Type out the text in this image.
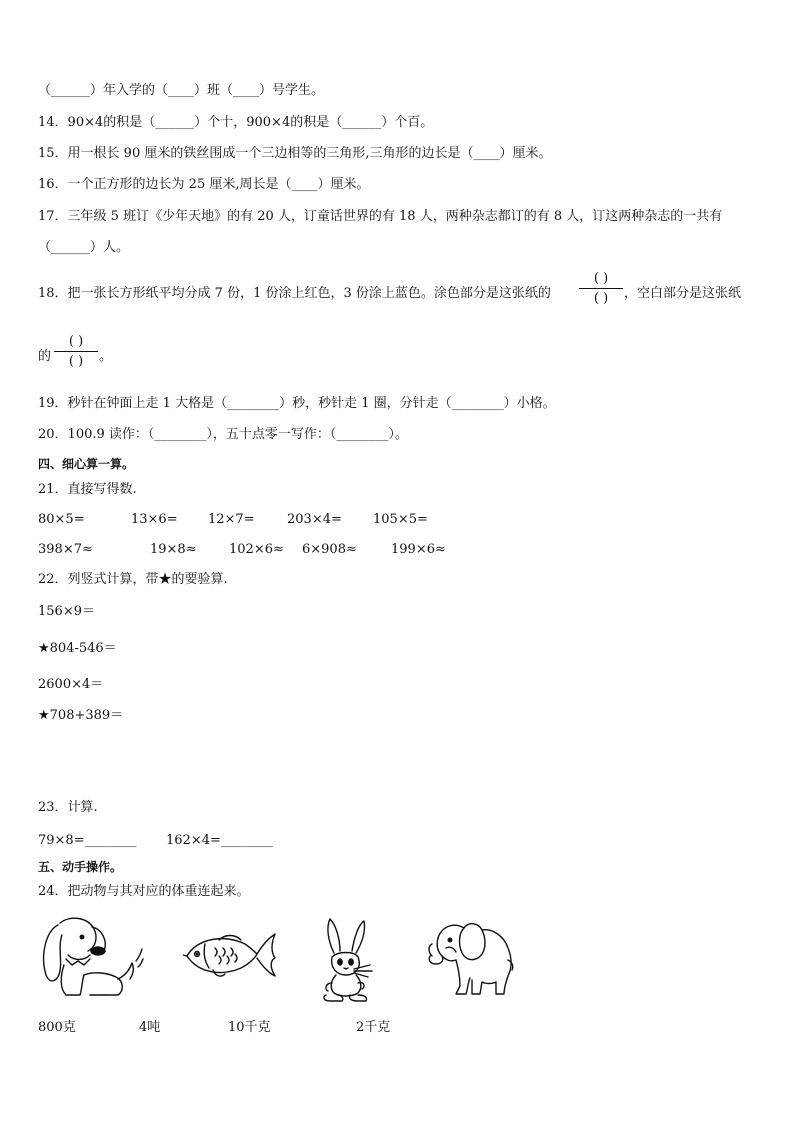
（______）年入学的（____）班（____）号学生。
14．90×4的积是（______）个十，900×4的积是（______）个百。
15．用一根长 90 厘米的铁丝围成一个三边相等的三角形,三角形的边长是（____）厘米。
16．一个正方形的边长为 25 厘米,周长是（____）厘米。
17．三年级 5 班订《少年天地》的有 20 人，订童话世界的有 18 人，两种杂志都订的有 8 人，订这两种杂志的一共有
（______）人。
18．把一张长方形纸平均分成 7 份，1 份涂上红色，3 份涂上蓝色。涂色部分是这张纸的
( )
( )	，空白部分是这张纸
的
( )
( )	。
19．秒针在钟面上走 1 大格是（________）秒，秒针走 1 圈，分针走（________）小格。
20．100.9 读作：（________），五十点零一写作：（________）。
四、细心算一算。
21．直接写得数.
80×5=	13×6= 12×7= 203×4= 105×5=
398×7≈	19×8≈ 102×6≈ 6×908≈	199×6≈
22．列竖式计算，带★的要验算.
156×9＝
★804-546＝
2600×4＝
★708+389＝
23．计算.
79×8=________ 162×4=________
五、动手操作。
24．把动物与其对应的体重连起来。
800克	4吨	10千克	2千克
